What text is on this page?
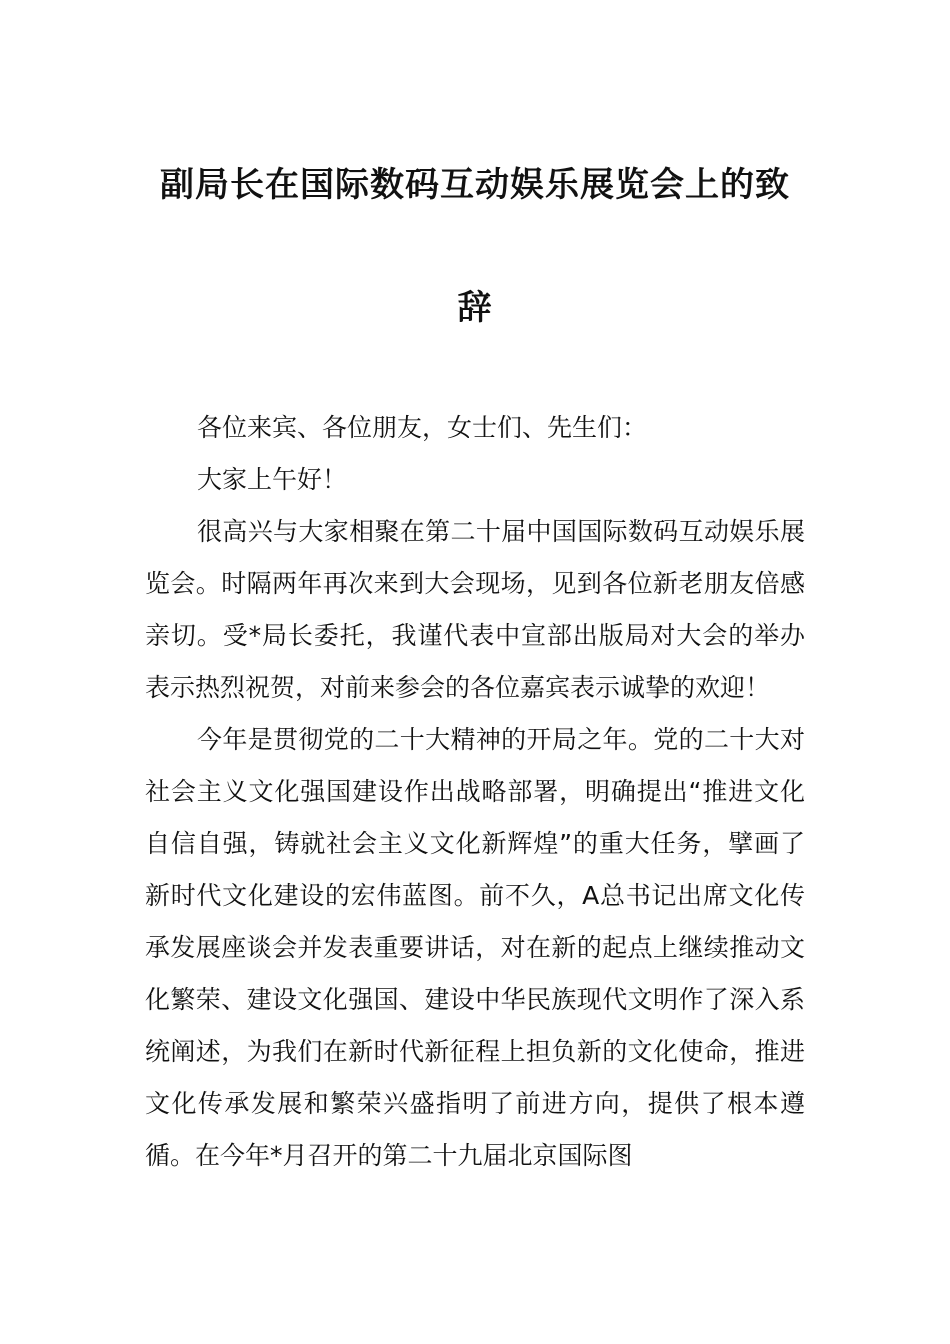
副局长在国际数码互动娱乐展览会上的致
辞

各位来宾、各位朋友，女士们、先生们：

大家上午好！

很高兴与大家相聚在第二十届中国国际数码互动娱乐展览会。时隔两年再次来到大会现场，见到各位新老朋友倍感亲切。受*局长委托，我谨代表中宣部出版局对大会的举办表示热烈祝贺，对前来参会的各位嘉宾表示诚挚的欢迎！

今年是贯彻党的二十大精神的开局之年。党的二十大对社会主义文化强国建设作出战略部署，明确提出“推进文化自信自强，铸就社会主义文化新辉煌”的重大任务，擘画了新时代文化建设的宏伟蓝图。前不久，A总书记出席文化传承发展座谈会并发表重要讲话，对在新的起点上继续推动文化繁荣、建设文化强国、建设中华民族现代文明作了深入系统阐述，为我们在新时代新征程上担负新的文化使命，推进文化传承发展和繁荣兴盛指明了前进方向，提供了根本遵循。在今年*月召开的第二十九届北京国际图
